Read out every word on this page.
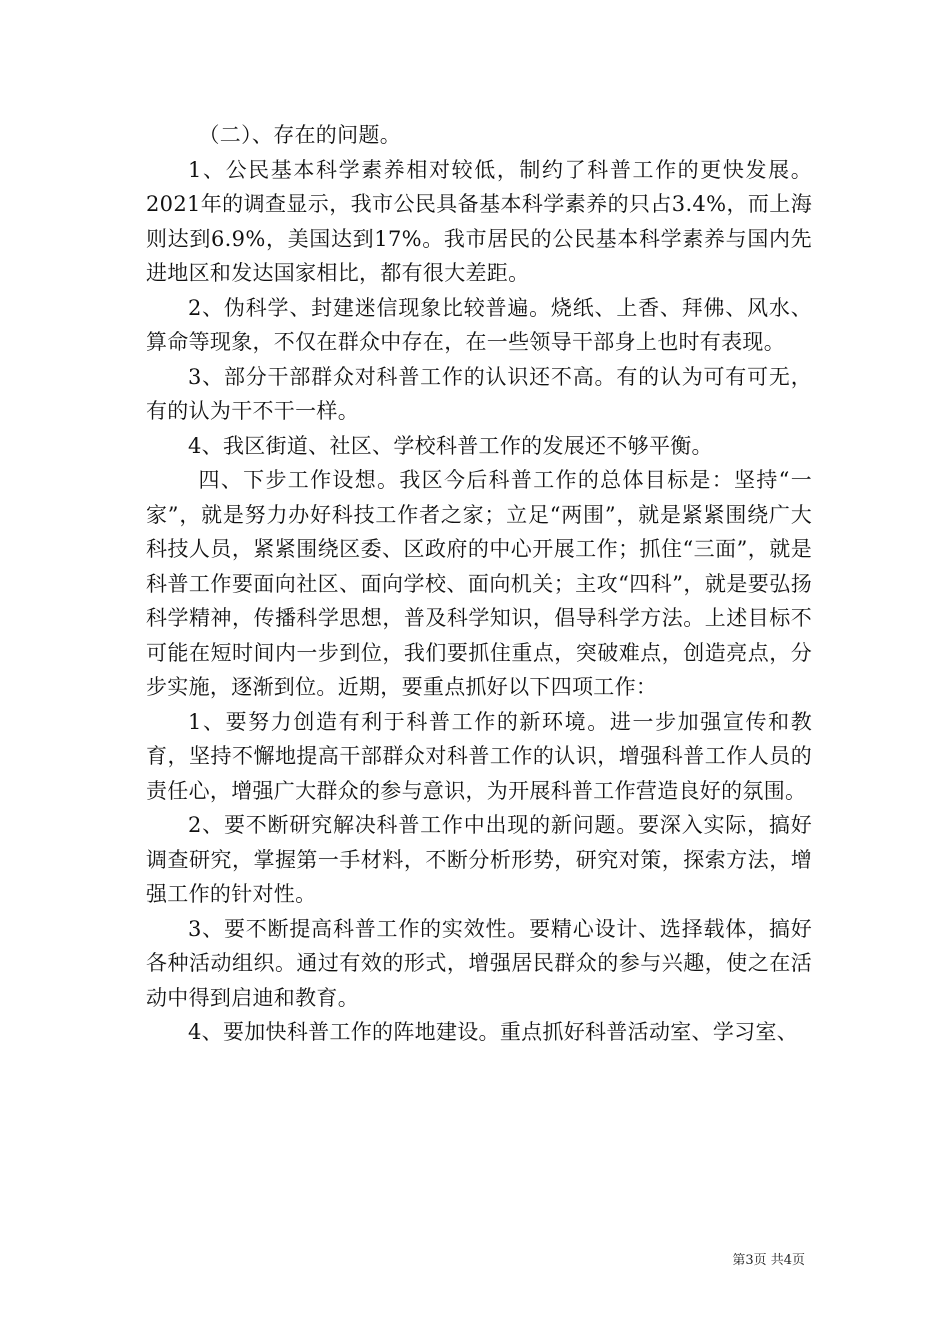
（二）、存在的问题。

1、公民基本科学素养相对较低，制约了科普工作的更快发展。2021年的调查显示，我市公民具备基本科学素养的只占3.4%，而上海则达到6.9%，美国达到17%。我市居民的公民基本科学素养与国内先进地区和发达国家相比，都有很大差距。

2、伪科学、封建迷信现象比较普遍。烧纸、上香、拜佛、风水、算命等现象，不仅在群众中存在，在一些领导干部身上也时有表现。

3、部分干部群众对科普工作的认识还不高。有的认为可有可无，有的认为干不干一样。

4、我区街道、社区、学校科普工作的发展还不够平衡。

四、下步工作设想。我区今后科普工作的总体目标是：坚持“一家”，就是努力办好科技工作者之家；立足“两围”，就是紧紧围绕广大科技人员，紧紧围绕区委、区政府的中心开展工作；抓住“三面”，就是科普工作要面向社区、面向学校、面向机关；主攻“四科”，就是要弘扬科学精神，传播科学思想，普及科学知识，倡导科学方法。上述目标不可能在短时间内一步到位，我们要抓住重点，突破难点，创造亮点，分步实施，逐渐到位。近期，要重点抓好以下四项工作：

1、要努力创造有利于科普工作的新环境。进一步加强宣传和教育，坚持不懈地提高干部群众对科普工作的认识，增强科普工作人员的责任心，增强广大群众的参与意识，为开展科普工作营造良好的氛围。

2、要不断研究解决科普工作中出现的新问题。要深入实际，搞好调查研究，掌握第一手材料，不断分析形势，研究对策，探索方法，增强工作的针对性。

3、要不断提高科普工作的实效性。要精心设计、选择载体，搞好各种活动组织。通过有效的形式，增强居民群众的参与兴趣，使之在活动中得到启迪和教育。

4、要加快科普工作的阵地建设。重点抓好科普活动室、学习室、

第3页 共4页
